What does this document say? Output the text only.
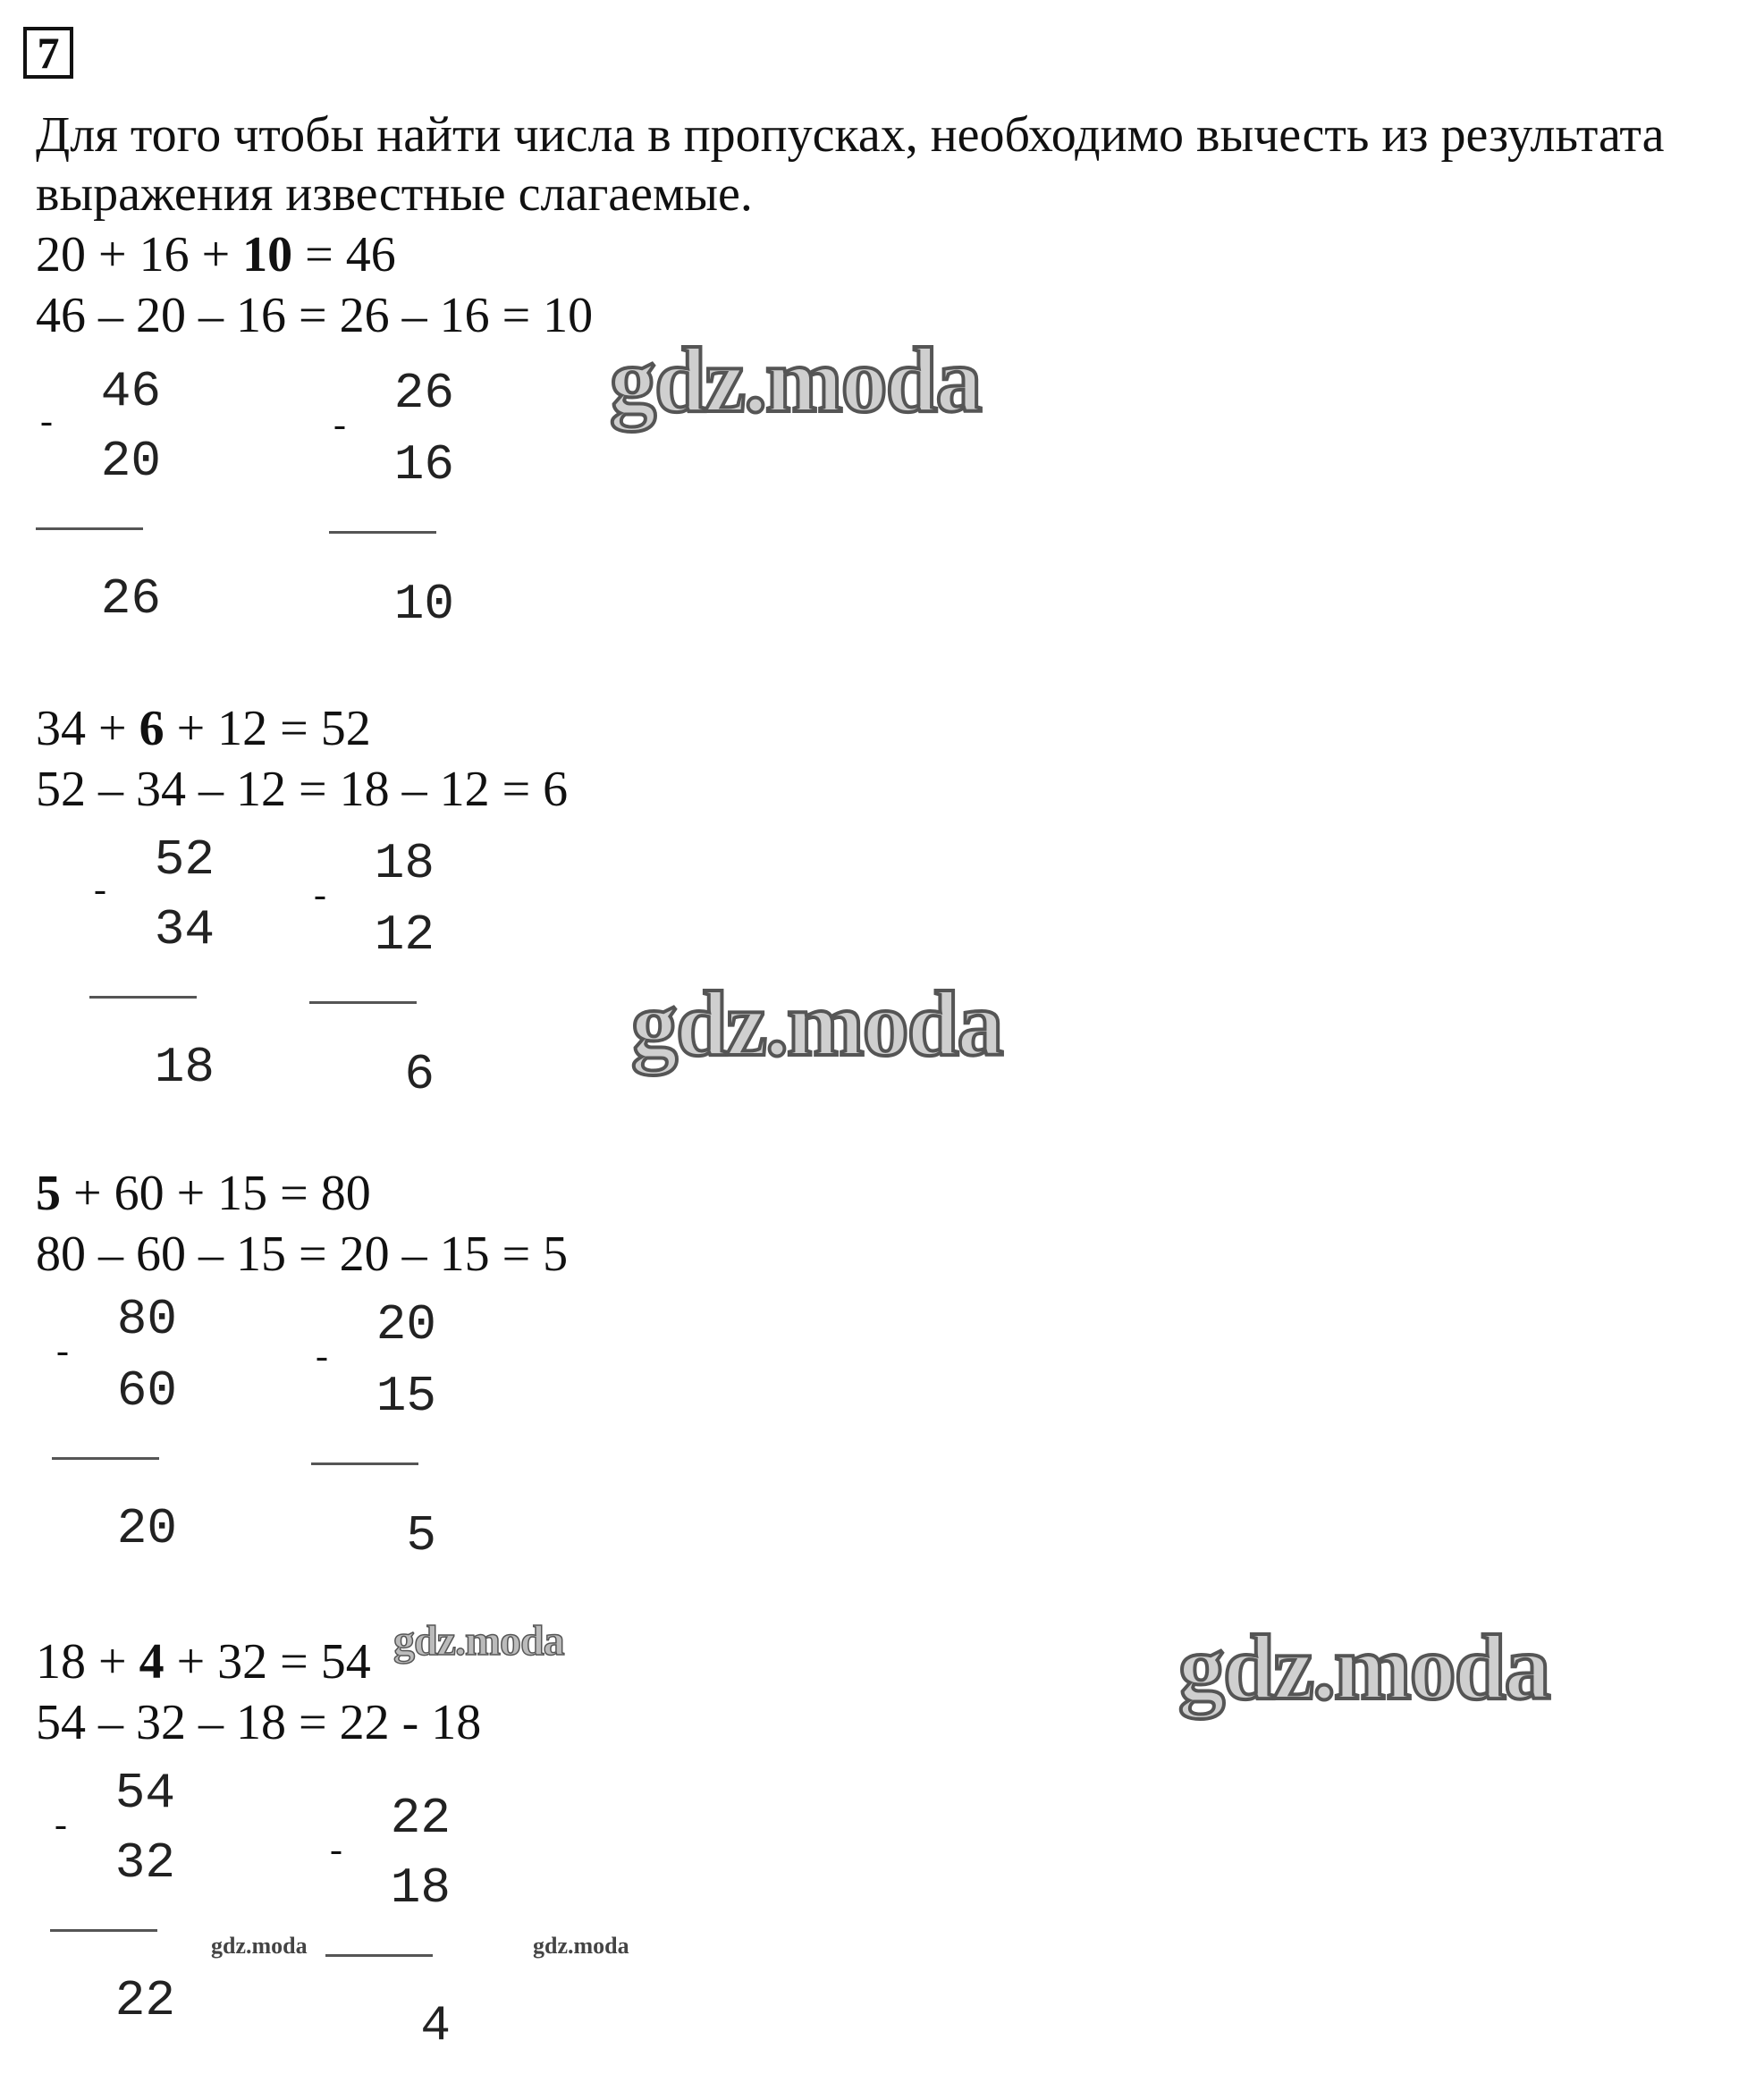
7

Для того чтобы найти числа в пропусках, необходимо вычесть из результата выражения известные слагаемые.

20 + 16 + 10 = 46
46 – 20 – 16 = 26 – 16 = 10
-
46
20
26
-
26
16
10
34 + 6 + 12 = 52
52 – 34 – 12 = 18 – 12 = 6
-
52
34
18
-
18
12
6
5 + 60 + 15 = 80
80 – 60 – 15 = 20 – 15 = 5
-
80
60
20
-
20
15
5
18 + 4 + 32 = 54
54 – 32 – 18 = 22 - 18
-
54
32
22
-
22
18
4
gdz.moda
gdz.moda
gdz.moda
gdz.moda
gdz.moda	gdz.moda
